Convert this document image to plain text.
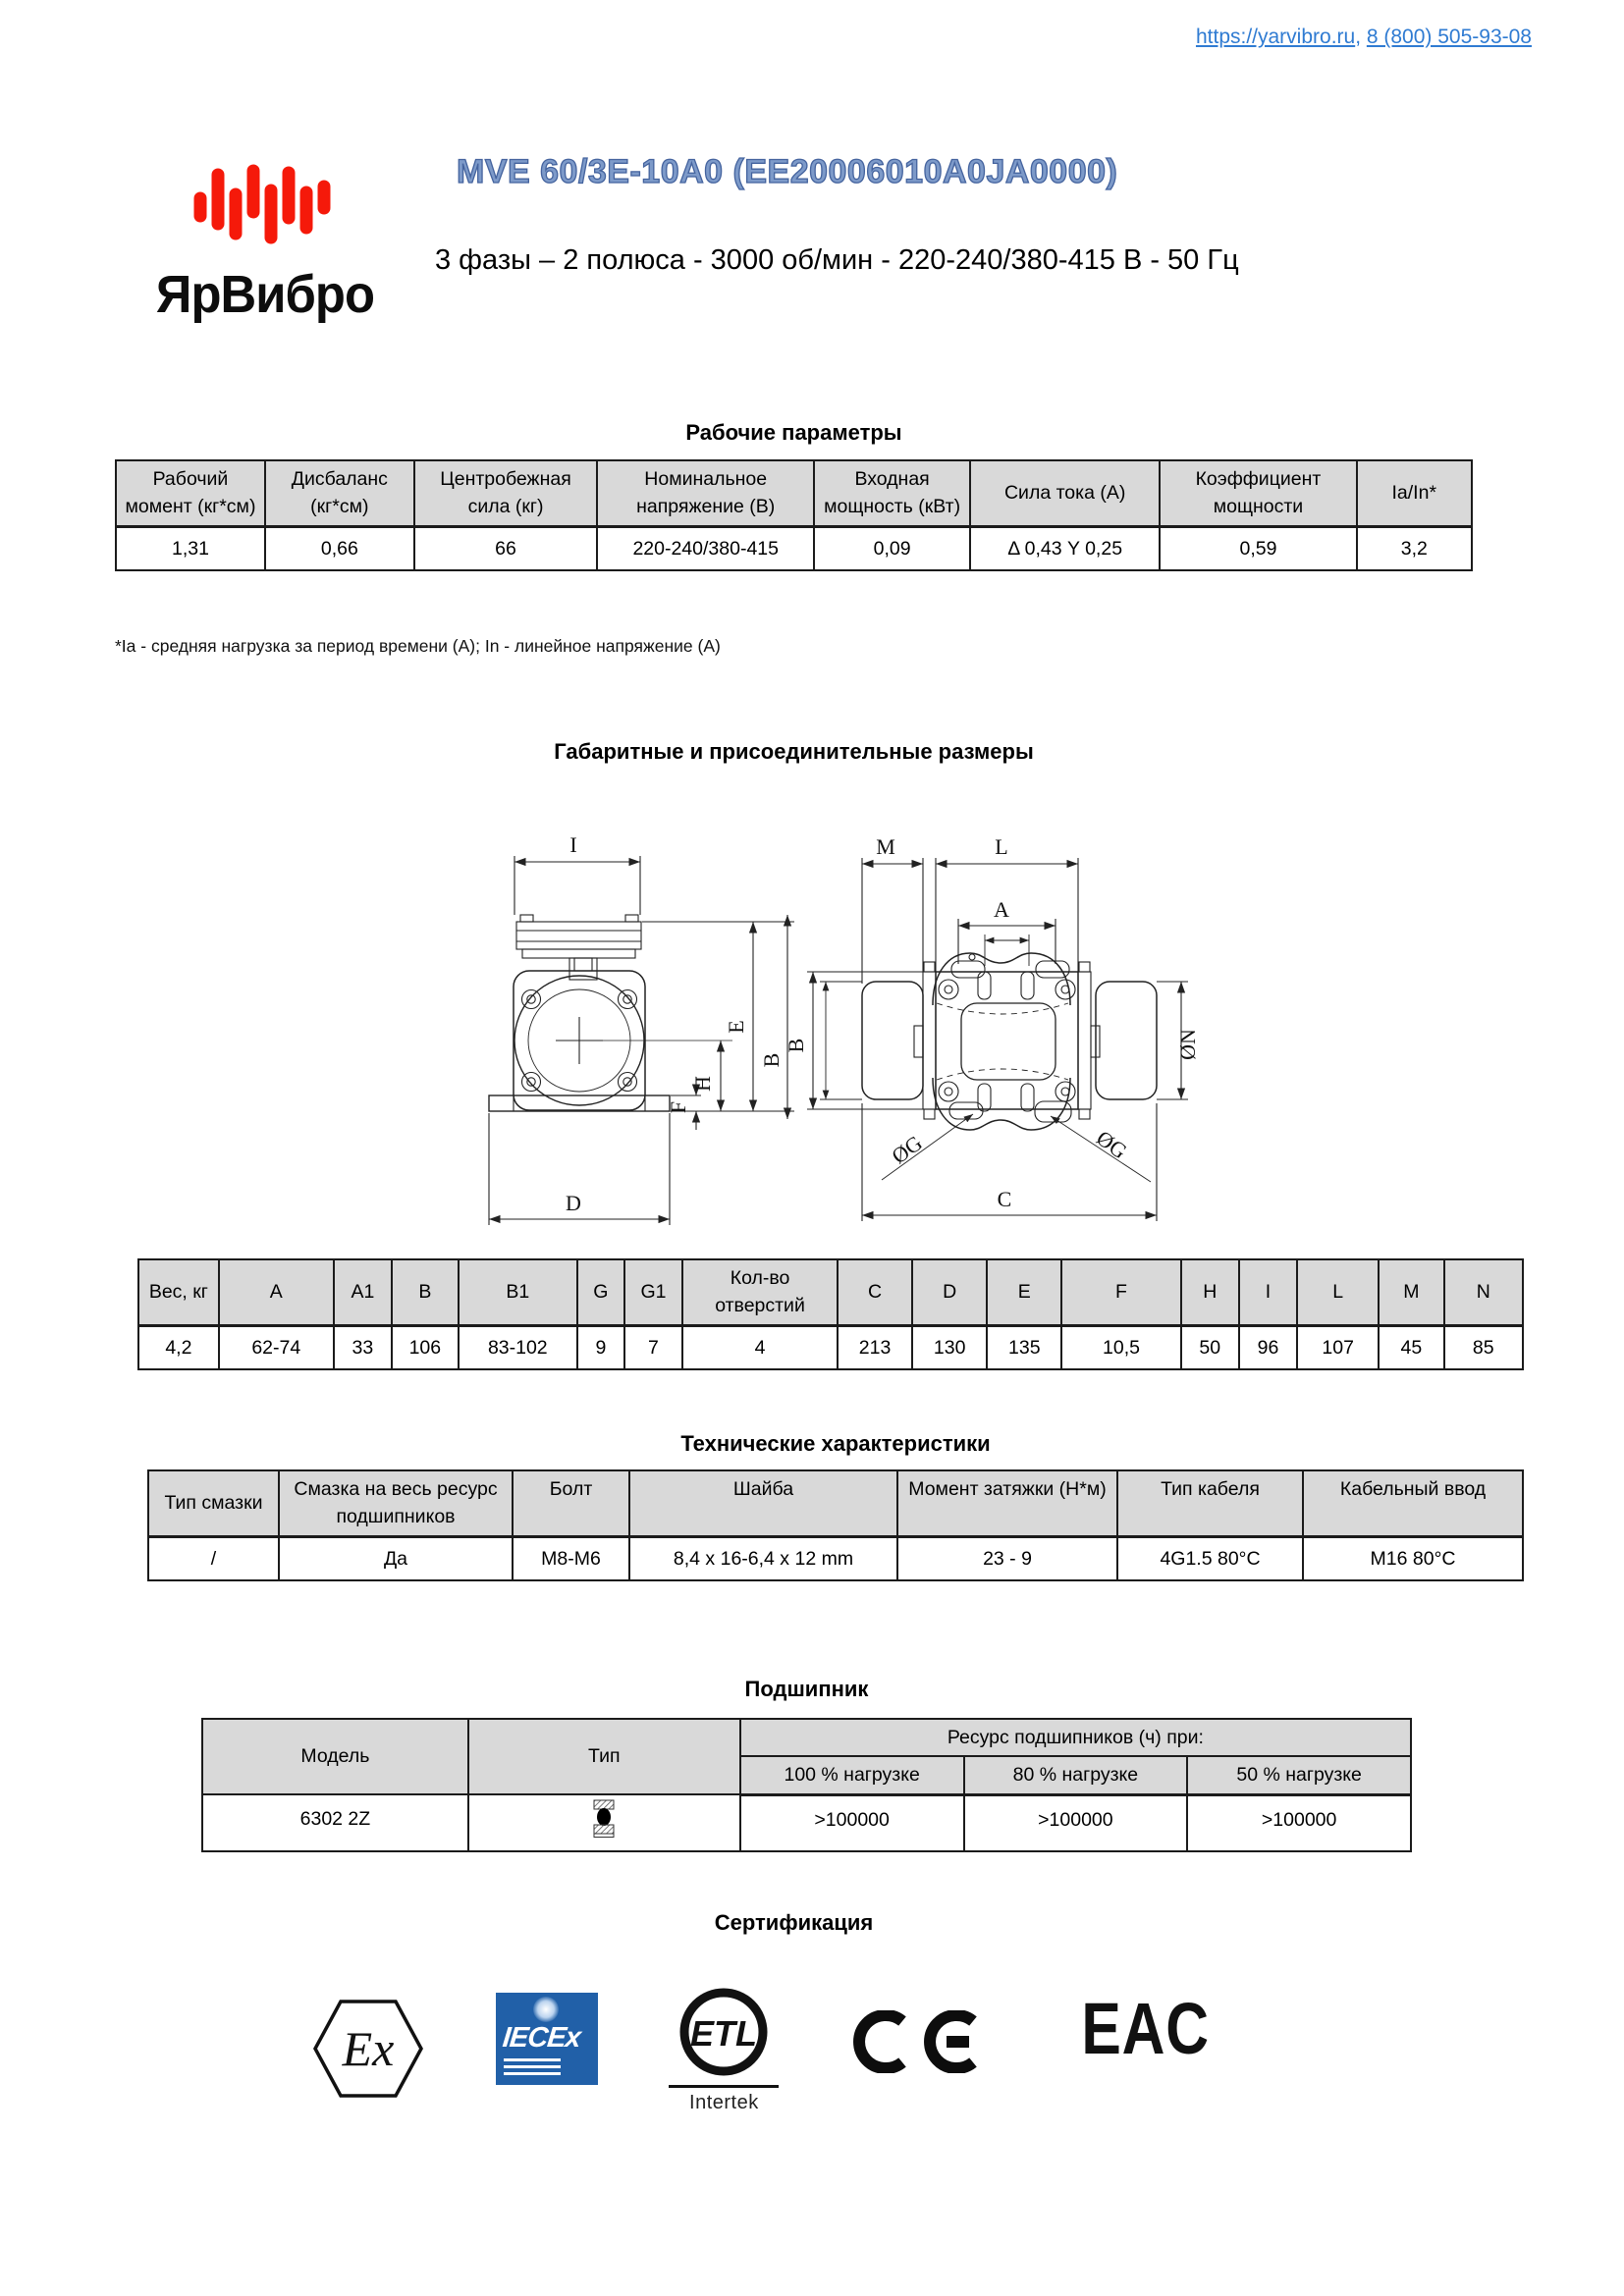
https://yarvibro.ru, 8 (800) 505-93-08
ЯрВибро
MVE 60/3E-10A0 (EE20006010A0JA0000)
3 фазы – 2 полюса - 3000 об/мин - 220-240/380-415 В - 50 Гц
Рабочие параметры
Рабочий момент (кг*см)	Дисбаланс (кг*см)	Центробежная сила (кг)	Номинальное напряжение (В)	Входная мощность (кВт)	Сила тока (А)	Коэффициент мощности	Ia/In*
1,31	0,66	66	220-240/380-415	0,09	Δ 0,43 Y 0,25	0,59	3,2
*Ia - средняя нагрузка за период времени (А); In - линейное напряжение (А)
Габаритные и присоединительные размеры
I
F
H
E
B
D
M	L
A
B	ØN
ØG	ØG
C
Вес, кг	A	A1	B	B1	G	G1	Кол-во отверстий	C	D	E	F	H	I	L	M	N
4,2	62-74	33	106	83-102	9	7	4	213	130	135	10,5	50	96	107	45	85
Технические характеристики
Тип смазки	Смазка на весь ресурс подшипников	Болт	Шайба	Момент затяжки (Н*м)	Тип кабеля	Кабельный ввод
/	Да	M8-M6	8,4 x 16-6,4 x 12 mm	23 - 9	4G1.5 80°C	M16 80°C
Подшипник
Модель	Тип	Ресурс подшипников (ч) при:		
		100 % нагрузке	80 % нагрузке	50 % нагрузке
6302 2Z		>100000	>100000	>100000
Сертификация
Ex	IECEx	ETL
Intertek
EAC
